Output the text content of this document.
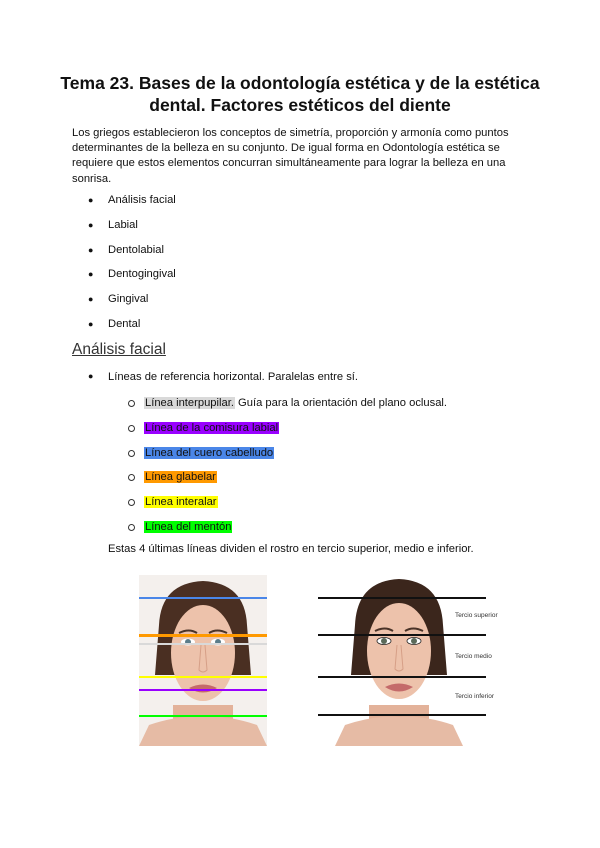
Tema 23. Bases de la odontología estética y de la estética dental. Factores estéticos del diente
Los griegos establecieron los conceptos de simetría, proporción y armonía como puntos determinantes de la belleza en su conjunto. De igual forma en Odontología estética se requiere que estos elementos concurran simultáneamente para lograr la belleza en una sonrisa.
● Análisis facial
● Labial
● Dentolabial
● Dentogingival
● Gingival
● Dental
Análisis facial
● Líneas de referencia horizontal. Paralelas entre sí.
Línea interpupilar. Guía para la orientación del plano oclusal.
Línea de la comisura labial
Línea del cuero cabelludo
Línea glabelar
Línea interalar
Línea del mentón
Estas 4 últimas líneas dividen el rostro en tercio superior, medio e inferior.
Tercio superior
Tercio medio
Tercio inferior
